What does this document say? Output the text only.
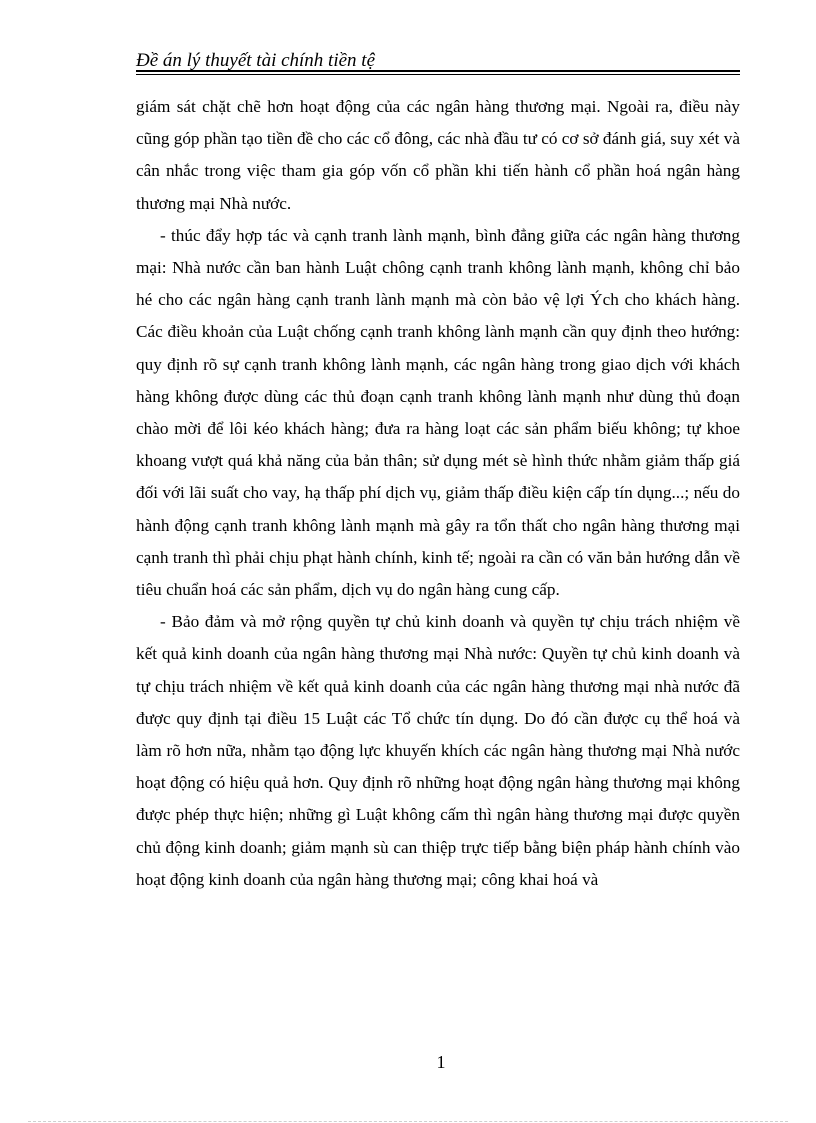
Đề án lý thuyết tài chính tiền tệ

giám sát chặt chẽ hơn hoạt động của các ngân hàng thương mại. Ngoài ra, điều này cũng góp phần tạo tiền đề cho các cổ đông, các nhà đầu tư có cơ sở đánh giá, suy xét và cân nhắc trong việc tham gia góp vốn cổ phần khi tiến hành cổ phần hoá ngân hàng thương mại Nhà nước.

- thúc đẩy hợp tác và cạnh tranh lành mạnh, bình đẳng giữa các ngân hàng thương mại: Nhà nước cần ban hành Luật chông cạnh tranh không lành mạnh, không chỉ bảo hé cho các ngân hàng cạnh tranh lành mạnh mà còn bảo vệ lợi Ých cho khách hàng. Các điều khoản của Luật chống cạnh tranh không lành mạnh cần quy định theo hướng: quy định rõ sự cạnh tranh không lành mạnh, các ngân hàng trong giao dịch với khách hàng không được dùng các thủ đoạn cạnh tranh không lành mạnh như dùng thủ đoạn chào mời để lôi kéo khách hàng; đưa ra hàng loạt các sản phẩm biếu không; tự khoe khoang vượt quá khả năng của bản thân; sử dụng mét sè hình thức nhằm giảm thấp giá đối với lãi suất cho vay, hạ thấp phí dịch vụ, giảm thấp điều kiện cấp tín dụng...; nếu do hành động cạnh tranh không lành mạnh mà gây ra tổn thất cho ngân hàng thương mại cạnh tranh thì phải chịu phạt hành chính, kinh tế; ngoài ra cần có văn bản hướng dẫn về tiêu chuẩn hoá các sản phẩm, dịch vụ do ngân hàng cung cấp.

- Bảo đảm và mở rộng quyền tự chủ kinh doanh và quyền tự chịu trách nhiệm về kết quả kinh doanh của ngân hàng thương mại Nhà nước: Quyền tự chủ kinh doanh và tự chịu trách nhiệm về kết quả kinh doanh của các ngân hàng thương mại nhà nước đã được quy định tại điều 15 Luật các Tổ chức tín dụng. Do đó cần được cụ thể hoá và làm rõ hơn nữa, nhằm tạo động lực khuyến khích các ngân hàng thương mại Nhà nước hoạt động có hiệu quả hơn. Quy định rõ những hoạt động ngân hàng thương mại không được phép thực hiện; những gì Luật không cấm thì ngân hàng thương mại được quyền chủ động kinh doanh; giảm mạnh sù can thiệp trực tiếp bằng biện pháp hành chính vào hoạt động kinh doanh của ngân hàng thương mại; công khai hoá và

1
